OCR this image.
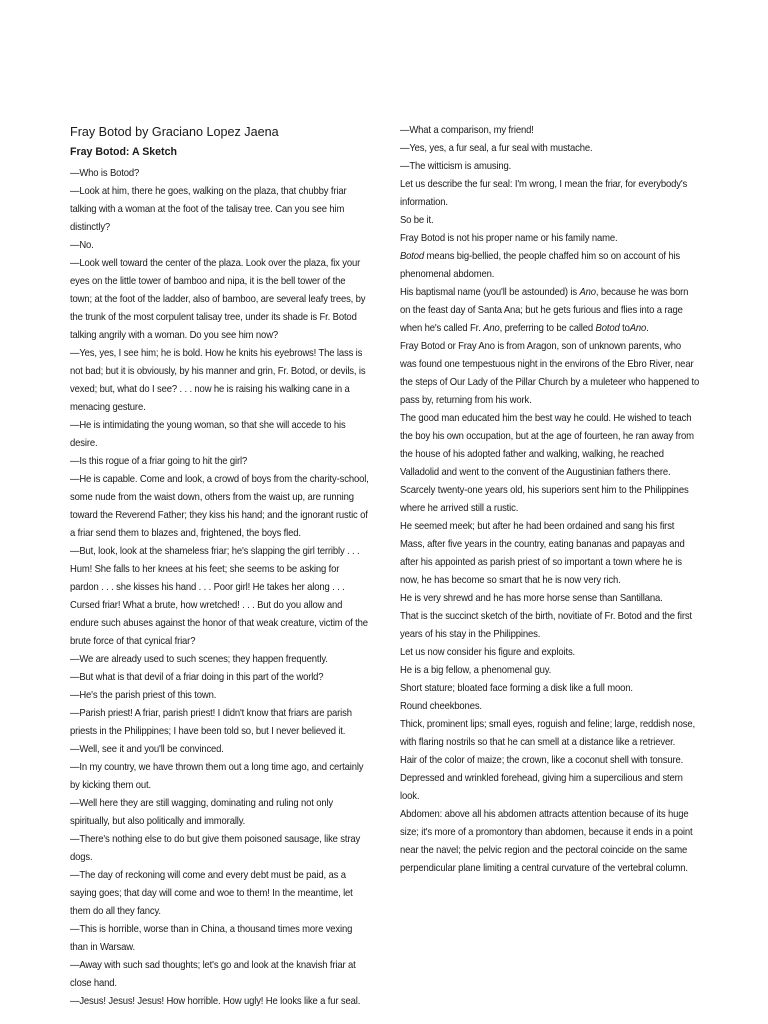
Fray Botod by Graciano Lopez Jaena

Fray Botod: A Sketch

—Who is Botod?

—Look at him, there he goes, walking on the plaza, that chubby friar talking with a woman at the foot of the talisay tree. Can you see him distinctly?

—No.

—Look well toward the center of the plaza. Look over the plaza, fix your eyes on the little tower of bamboo and nipa, it is the bell tower of the town; at the foot of the ladder, also of bamboo, are several leafy trees, by the trunk of the most corpulent talisay tree, under its shade is Fr. Botod talking angrily with a woman. Do you see him now?

—Yes, yes, I see him; he is bold. How he knits his eyebrows! The lass is not bad; but it is obviously, by his manner and grin, Fr. Botod, or devils, is vexed; but, what do I see? . . . now he is raising his walking cane in a menacing gesture.

—He is intimidating the young woman, so that she will accede to his desire.

—Is this rogue of a friar going to hit the girl?

—He is capable. Come and look, a crowd of boys from the charity-school, some nude from the waist down, others from the waist up, are running toward the Reverend Father; they kiss his hand; and the ignorant rustic of a friar send them to blazes and, frightened, the boys fled.

—But, look, look at the shameless friar; he's slapping the girl terribly . . . Hum! She falls to her knees at his feet; she seems to be asking for pardon . . . she kisses his hand . . . Poor girl! He takes her along . . . Cursed friar! What a brute, how wretched! . . . But do you allow and endure such abuses against the honor of that weak creature, victim of the brute force of that cynical friar?

—We are already used to such scenes; they happen frequently.

—But what is that devil of a friar doing in this part of the world?

—He's the parish priest of this town.

—Parish priest! A friar, parish priest! I didn't know that friars are parish priests in the Philippines; I have been told so, but I never believed it.

—Well, see it and you'll be convinced.

—In my country, we have thrown them out a long time ago, and certainly by kicking them out.

—Well here they are still wagging, dominating and ruling not only spiritually, but also politically and immorally.

—There's nothing else to do but give them poisoned sausage, like stray dogs.

—The day of reckoning will come and every debt must be paid, as a saying goes; that day will come and woe to them! In the meantime, let them do all they fancy.

—This is horrible, worse than in China, a thousand times more vexing than in Warsaw.

—Away with such sad thoughts; let's go and look at the knavish friar at close hand.

—Jesus! Jesus! Jesus! How horrible. How ugly! He looks like a fur seal.

—What a comparison, my friend!

—Yes, yes, a fur seal, a fur seal with mustache.

—The witticism is amusing.

Let us describe the fur seal: I'm wrong, I mean the friar, for everybody's information.

So be it.

Fray Botod is not his proper name or his family name.

Botod means big-bellied, the people chaffed him so on account of his phenomenal abdomen.

His baptismal name (you'll be astounded) is Ano, because he was born on the feast day of Santa Ana; but he gets furious and flies into a rage when he's called Fr. Ano, preferring to be called Botod toAno.

Fray Botod or Fray Ano is from Aragon, son of unknown parents, who was found one tempestuous night in the environs of the Ebro River, near the steps of Our Lady of the Pillar Church by a muleteer who happened to pass by, returning from his work.

The good man educated him the best way he could. He wished to teach the boy his own occupation, but at the age of fourteen, he ran away from the house of his adopted father and walking, walking, he reached Valladolid and went to the convent of the Augustinian fathers there.

Scarcely twenty-one years old, his superiors sent him to the Philippines where he arrived still a rustic.

He seemed meek; but after he had been ordained and sang his first Mass, after five years in the country, eating bananas and papayas and after his appointed as parish priest of so important a town where he is now, he has become so smart that he is now very rich.

He is very shrewd and he has more horse sense than Santillana.

That is the succinct sketch of the birth, novitiate of Fr. Botod and the first years of his stay in the Philippines.

Let us now consider his figure and exploits.

He is a big fellow, a phenomenal guy.

Short stature; bloated face forming a disk like a full moon.

Round cheekbones.

Thick, prominent lips; small eyes, roguish and feline; large, reddish nose, with flaring nostrils so that he can smell at a distance like a retriever.

Hair of the color of maize; the crown, like a coconut shell with tonsure.

Depressed and wrinkled forehead, giving him a supercilious and stern look.

Abdomen: above all his abdomen attracts attention because of its huge size; it's more of a promontory than abdomen, because it ends in a point near the navel; the pelvic region and the pectoral coincide on the same perpendicular plane limiting a central curvature of the vertebral column.
